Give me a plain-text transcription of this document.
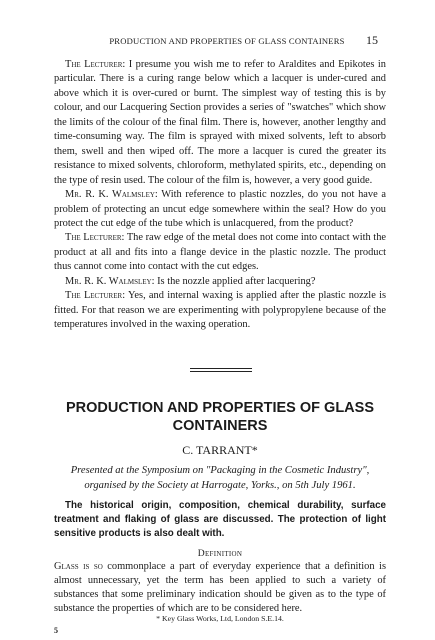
PRODUCTION AND PROPERTIES OF GLASS CONTAINERS	15

The Lecturer: I presume you wish me to refer to Araldites and Epikotes in particular. There is a curing range below which a lacquer is under-cured and above which it is over-cured or burnt. The simplest way of testing this is by colour, and our Lacquering Section provides a series of "swatches" which show the limits of the colour of the final film. There is, however, another lengthy and time-consuming way. The film is sprayed with mixed solvents, left to absorb them, swell and then wiped off. The more a lacquer is cured the greater its resistance to mixed solvents, chloroform, methylated spirits, etc., depending on the type of resin used. The colour of the film is, however, a very good guide.

Mr. R. K. Walmsley: With reference to plastic nozzles, do you not have a problem of protecting an uncut edge somewhere within the seal? How do you protect the cut edge of the tube which is unlacquered, from the product?

The Lecturer: The raw edge of the metal does not come into contact with the product at all and fits into a flange device in the plastic nozzle. The product thus cannot come into contact with the cut edges.

Mr. R. K. Walmsley: Is the nozzle applied after lacquering?

The Lecturer: Yes, and internal waxing is applied after the plastic nozzle is fitted. For that reason we are experimenting with polypropylene because of the temperatures involved in the waxing operation.

PRODUCTION AND PROPERTIES OF GLASS CONTAINERS
C. TARRANT*
Presented at the Symposium on "Packaging in the Cosmetic Industry", organised by the Society at Harrogate, Yorks., on 5th July 1961.

The historical origin, composition, chemical durability, surface treatment and flaking of glass are discussed. The protection of light sensitive products is also dealt with.

Definition

Glass is so commonplace a part of everyday experience that a definition is almost unnecessary, yet the term has been applied to such a variety of substances that some preliminary indication should be given as to the type of substance the properties of which are to be considered here.

* Key Glass Works, Ltd, London S.E.14.
5
